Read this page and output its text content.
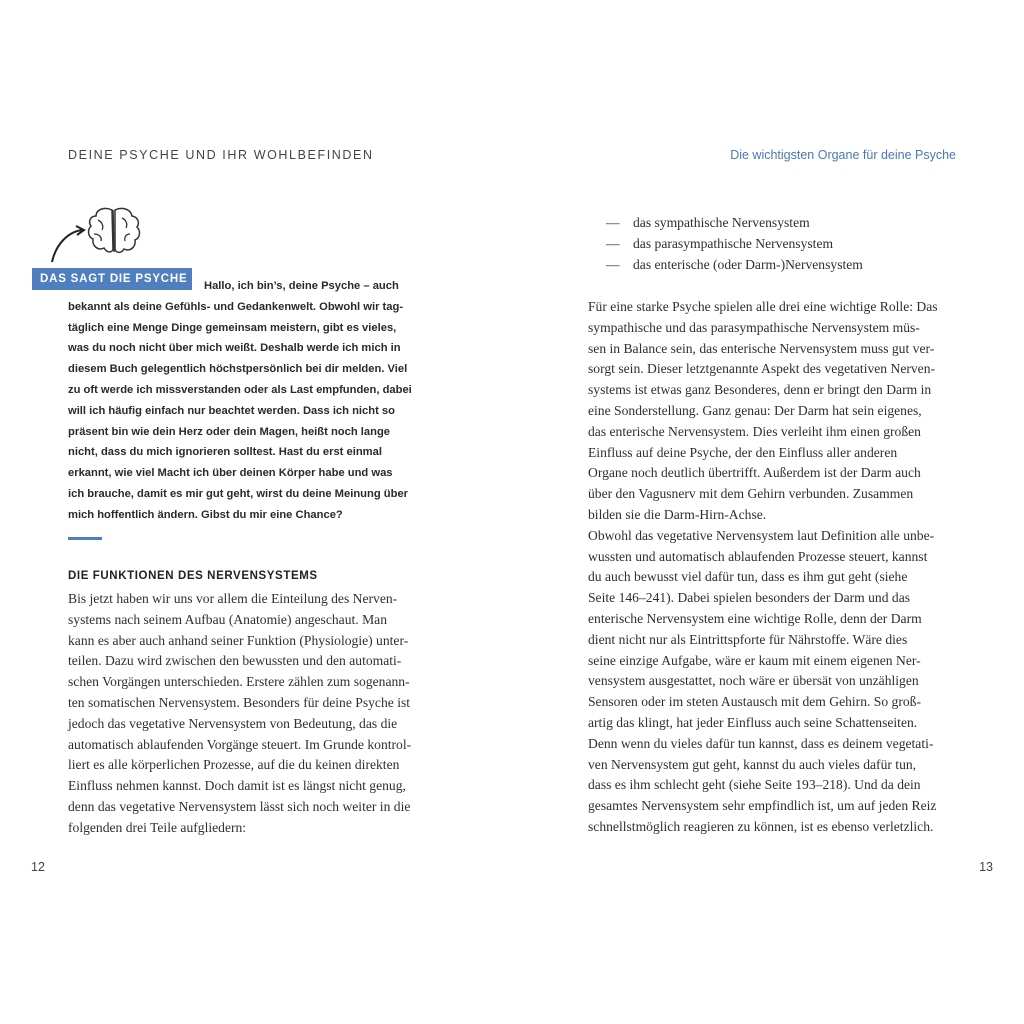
DEINE PSYCHE UND IHR WOHLBEFINDEN	Die wichtigsten Organe für deine Psyche
DAS SAGT DIE PSYCHE
Hallo, ich bin’s, deine Psyche – auch
bekannt als deine Gefühls- und Gedankenwelt. Obwohl wir tag-
täglich eine Menge Dinge gemeinsam meistern, gibt es vieles,
was du noch nicht über mich weißt. Deshalb werde ich mich in
diesem Buch gelegentlich höchstpersönlich bei dir melden. Viel
zu oft werde ich missverstanden oder als Last empfunden, dabei
will ich häufig einfach nur beachtet werden. Dass ich nicht so
präsent bin wie dein Herz oder dein Magen, heißt noch lange
nicht, dass du mich ignorieren solltest. Hast du erst einmal
erkannt, wie viel Macht ich über deinen Körper habe und was
ich brauche, damit es mir gut geht, wirst du deine Meinung über
mich hoffentlich ändern. Gibst du mir eine Chance?
DIE FUNKTIONEN DES NERVENSYSTEMS
Bis jetzt haben wir uns vor allem die Einteilung des Nerven-
systems nach seinem Aufbau (Anatomie) angeschaut. Man
kann es aber auch anhand seiner Funktion (Physiologie) unter-
teilen. Dazu wird zwischen den bewussten und den automati-
schen Vorgängen unterschieden. Erstere zählen zum sogenann-
ten somatischen Nervensystem. Besonders für deine Psyche ist
jedoch das vegetative Nervensystem von Bedeutung, das die
automatisch ablaufenden Vorgänge steuert. Im Grunde kontrol-
liert es alle körperlichen Prozesse, auf die du keinen direkten
Einfluss nehmen kannst. Doch damit ist es längst nicht genug,
denn das vegetative Nervensystem lässt sich noch weiter in die
folgenden drei Teile aufgliedern:
— das sympathische Nervensystem
— das parasympathische Nervensystem
— das enterische (oder Darm-)Nervensystem
Für eine starke Psyche spielen alle drei eine wichtige Rolle: Das
sympathische und das parasympathische Nervensystem müs-
sen in Balance sein, das enterische Nervensystem muss gut ver-
sorgt sein. Dieser letztgenannte Aspekt des vegetativen Nerven-
systems ist etwas ganz Besonderes, denn er bringt den Darm in
eine Sonderstellung. Ganz genau: Der Darm hat sein eigenes,
das enterische Nervensystem. Dies verleiht ihm einen großen
Einfluss auf deine Psyche, der den Einfluss aller anderen
Organe noch deutlich übertrifft. Außerdem ist der Darm auch
über den Vagusnerv mit dem Gehirn verbunden. Zusammen
bilden sie die Darm-Hirn-Achse.
Obwohl das vegetative Nervensystem laut Definition alle unbe-
wussten und automatisch ablaufenden Prozesse steuert, kannst
du auch bewusst viel dafür tun, dass es ihm gut geht (siehe
Seite 146–241). Dabei spielen besonders der Darm und das
enterische Nervensystem eine wichtige Rolle, denn der Darm
dient nicht nur als Eintrittspforte für Nährstoffe. Wäre dies
seine einzige Aufgabe, wäre er kaum mit einem eigenen Ner-
vensystem ausgestattet, noch wäre er übersät von unzähligen
Sensoren oder im steten Austausch mit dem Gehirn. So groß-
artig das klingt, hat jeder Einfluss auch seine Schattenseiten.
Denn wenn du vieles dafür tun kannst, dass es deinem vegetati-
ven Nervensystem gut geht, kannst du auch vieles dafür tun,
dass es ihm schlecht geht (siehe Seite 193–218). Und da dein
gesamtes Nervensystem sehr empfindlich ist, um auf jeden Reiz
schnellstmöglich reagieren zu können, ist es ebenso verletzlich.
12	13
